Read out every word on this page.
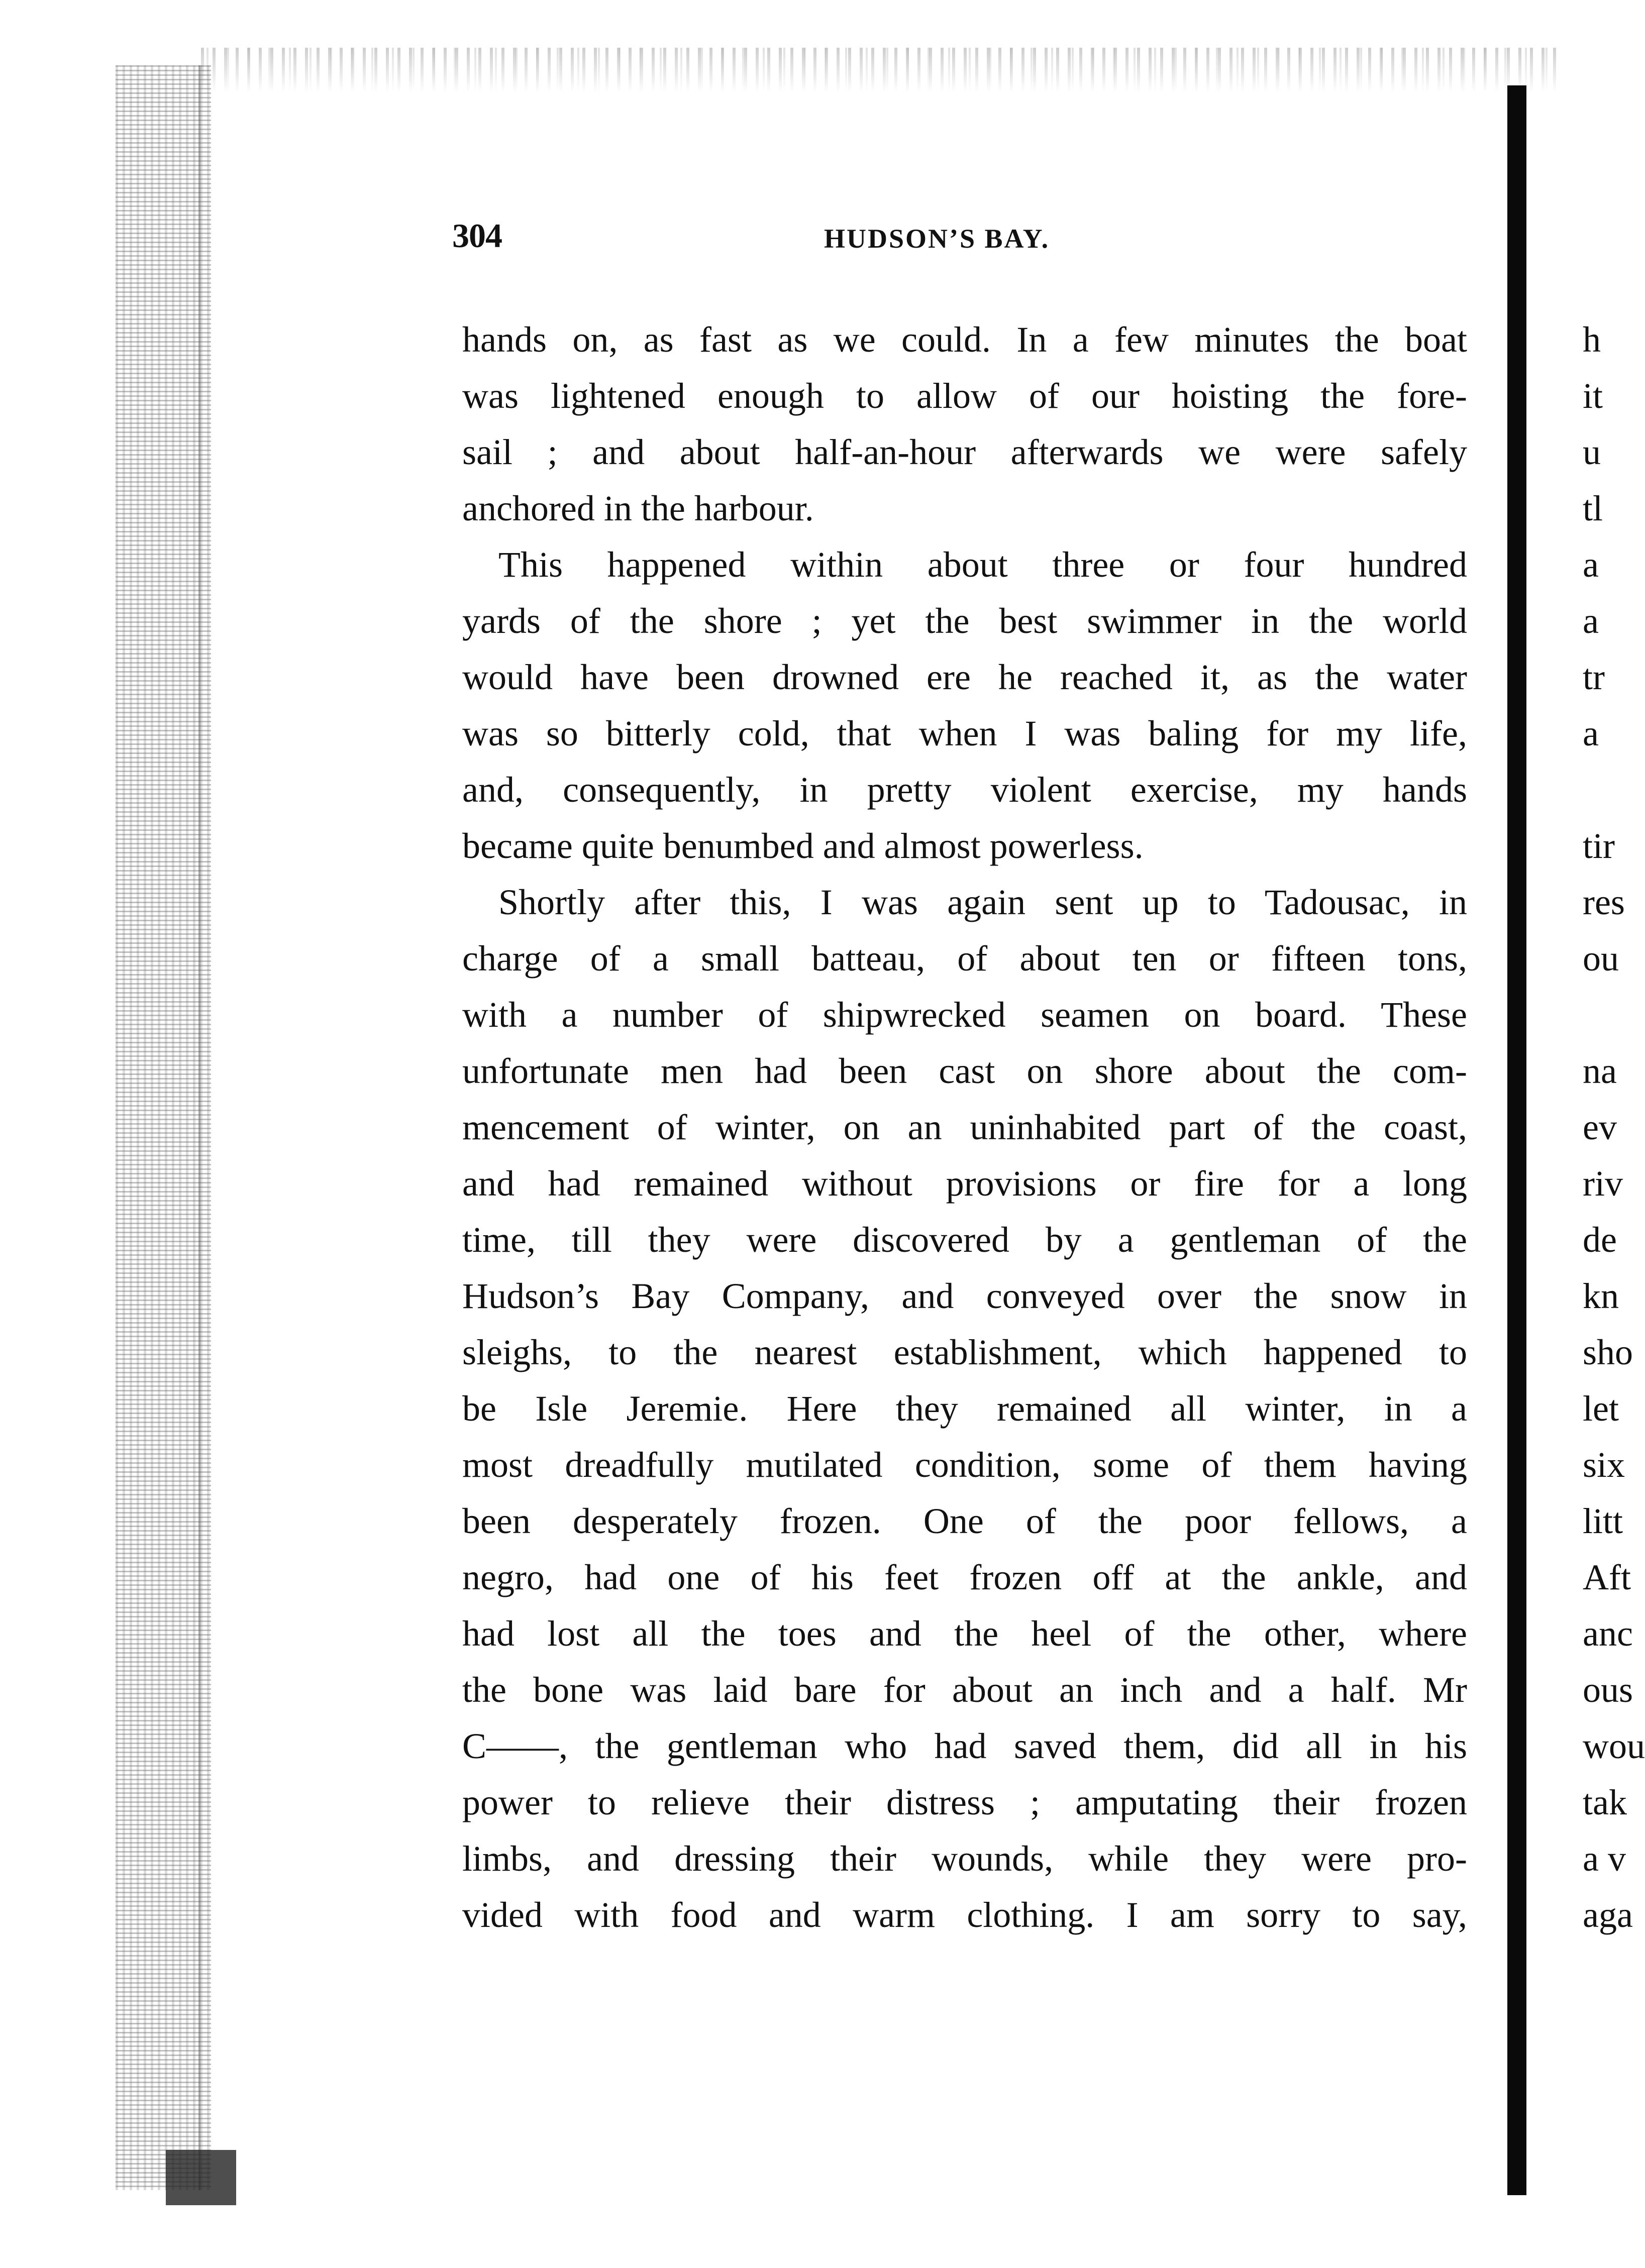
304	HUDSON’S BAY.
hands on, as fast as we could. In a few minutes the boat
was lightened enough to allow of our hoisting the fore-
sail ; and about half-an-hour afterwards we were safely
anchored in the harbour.
This happened within about three or four hundred
yards of the shore ; yet the best swimmer in the world
would have been drowned ere he reached it, as the water
was so bitterly cold, that when I was baling for my life,
and, consequently, in pretty violent exercise, my hands
became quite benumbed and almost powerless.
Shortly after this, I was again sent up to Tadousac, in
charge of a small batteau, of about ten or fifteen tons,
with a number of shipwrecked seamen on board. These
unfortunate men had been cast on shore about the com-
mencement of winter, on an uninhabited part of the coast,
and had remained without provisions or fire for a long
time, till they were discovered by a gentleman of the
Hudson’s Bay Company, and conveyed over the snow in
sleighs, to the nearest establishment, which happened to
be Isle Jeremie. Here they remained all winter, in a
most dreadfully mutilated condition, some of them having
been desperately frozen. One of the poor fellows, a
negro, had one of his feet frozen off at the ankle, and
had lost all the toes and the heel of the other, where
the bone was laid bare for about an inch and a half. Mr
C——, the gentleman who had saved them, did all in his
power to relieve their distress ; amputating their frozen
limbs, and dressing their wounds, while they were pro-
vided with food and warm clothing. I am sorry to say,
h
it
u
tl
a
a
tr
a
tir
res
ou
na
ev
riv
de
kn
sho
let
six
litt
Aft
anc
ous
wou
tak
a v
aga
